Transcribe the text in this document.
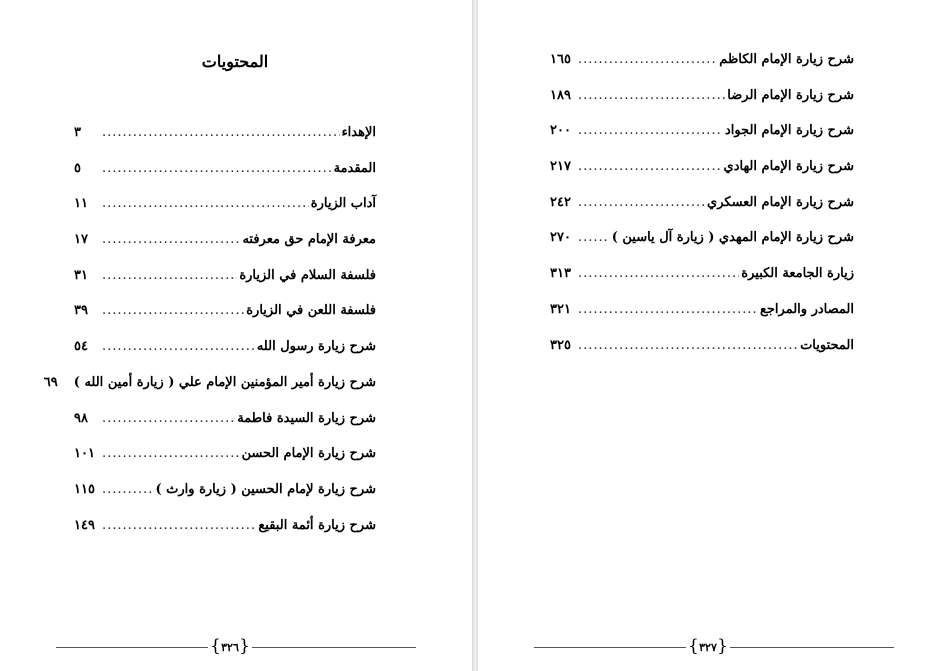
المحتويات
الإهداء
.....
٣
المقدمة
.....
٥
آداب الزيارة
.....
١١
معرفة الإمام حق معرفته
.....
١٧
فلسفة السلام في الزيارة
.....
٣١
فلسفة اللعن في الزيارة
.....
٣٩
شرح زيارة رسول الله
.....
٥٤
شرح زيارة أمير المؤمنين الإمام علي ( زيارة أمين الله )
٦٩
شرح زيارة السيدة فاطمة
.....
٩٨
شرح زيارة الإمام الحسن
.....
١٠١
شرح زيارة لإمام الحسين ( زيارة وارث )
.....
١١٥
شرح زيارة أئمة البقيع
.....
١٤٩
{ ٣٢٦ }
شرح زيارة الإمام الكاظم
.....
١٦٥
شرح زيارة الإمام الرضا
.....
١٨٩
شرح زيارة الإمام الجواد
.....
٢٠٠
شرح زيارة الإمام الهادي
.....
٢١٧
شرح زيارة الإمام العسكري
.....
٢٤٢
شرح زيارة الإمام المهدي ( زيارة آل ياسين )
.....
٢٧٠
زيارة الجامعة الكبيرة
.....
٣١٣
المصادر والمراجع
.....
٣٢١
المحتويات
.....
٣٢٥
{ ٣٢٧ }
